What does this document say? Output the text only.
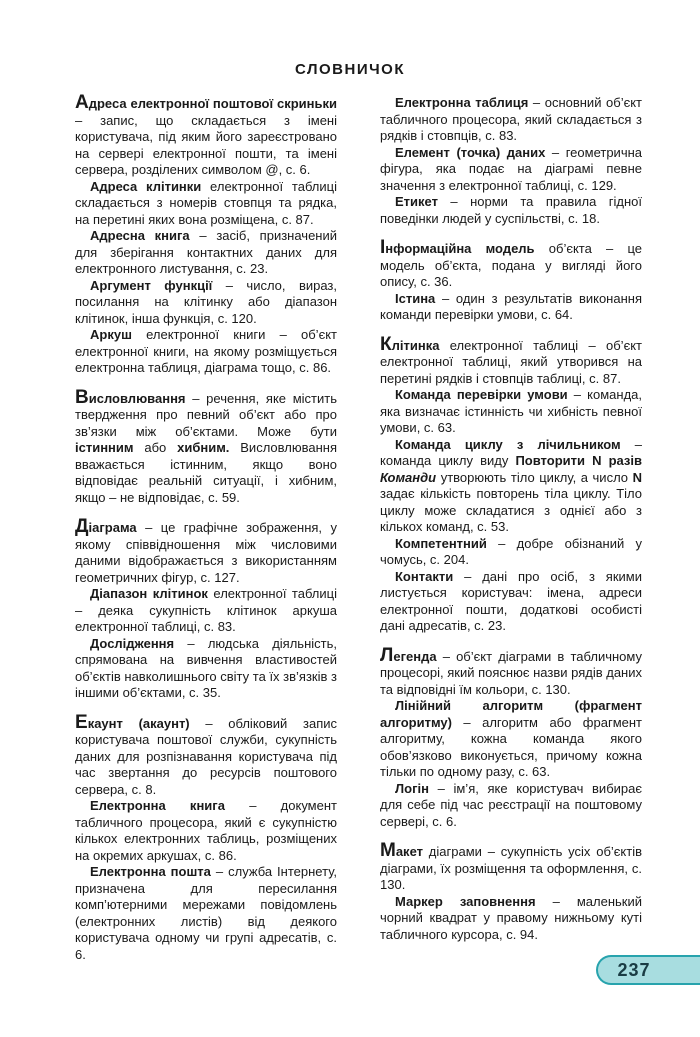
СЛОВНИЧОК

Адреса електронної поштової скриньки – запис, що складається з імені користувача, під яким його зареєстровано на сервері електронної пошти, та імені сервера, розділених символом @, с. 6.

Адреса клітинки електронної таблиці складається з номерів стовпця та рядка, на перетині яких вона розміщена, с. 87.

Адресна книга – засіб, призначений для зберігання контактних даних для електронного листування, с. 23.

Аргумент функції – число, вираз, посилання на клітинку або діапазон клітинок, інша функція, с. 120.

Аркуш електронної книги – об’єкт електронної книги, на якому розміщується електронна таблиця, діаграма тощо, с. 86.

Висловлювання – речення, яке містить твердження про певний об’єкт або про зв’язки між об’єктами. Може бути істинним або хибним. Висловлювання вважається істинним, якщо воно відповідає реальній ситуації, і хибним, якщо – не відповідає, с. 59.

Діаграма – це графічне зображення, у якому співвідношення між числовими даними відображається з використанням геометричних фігур, с. 127.

Діапазон клітинок електронної таблиці – деяка сукупність клітинок аркуша електронної таблиці, с. 83.

Дослідження – людська діяльність, спрямована на вивчення властивостей об’єктів навколишнього світу та їх зв’язків з іншими об’єктами, с. 35.

Екаунт (акаунт) – обліковий запис користувача поштової служби, сукупність даних для розпізнавання користувача під час звертання до ресурсів поштового сервера, с. 8.

Електронна книга – документ табличного процесора, який є сукупністю кількох електронних таблиць, розміщених на окремих аркушах, с. 86.

Електронна пошта – служба Інтернету, призначена для пересилання комп’ютерними мережами повідомлень (електронних листів) від деякого користувача одному чи групі адресатів, с. 6.

Електронна таблиця – основний об’єкт табличного процесора, який складається з рядків і стовпців, с. 83.

Елемент (точка) даних – геометрична фігура, яка подає на діаграмі певне значення з електронної таблиці, с. 129.

Етикет – норми та правила гідної поведінки людей у суспільстві, с. 18.

Інформаційна модель об’єкта – це модель об’єкта, подана у вигляді його опису, с. 36.

Істина – один з результатів виконання команди перевірки умови, с. 64.

Клітинка електронної таблиці – об’єкт електронної таблиці, який утворився на перетині рядків і стовпців таблиці, с. 87.

Команда перевірки умови – команда, яка визначає істинність чи хибність певної умови, с. 63.

Команда циклу з лічильником – команда циклу виду Повторити N разів Команди утворюють тіло циклу, а число N задає кількість повторень тіла циклу. Тіло циклу може складатися з однієї або з кількох команд, с. 53.

Компетентний – добре обізнаний у чомусь, с. 204.

Контакти – дані про осіб, з якими листується користувач: імена, адреси електронної пошти, додаткові особисті дані адресатів, с. 23.

Легенда – об’єкт діаграми в табличному процесорі, який пояснює назви рядів даних та відповідні їм кольори, с. 130.

Лінійний алгоритм (фрагмент алгоритму) – алгоритм або фрагмент алгоритму, кожна команда якого обов’язково виконується, причому кожна тільки по одному разу, с. 63.

Логін – ім’я, яке користувач вибирає для себе під час реєстрації на поштовому сервері, с. 6.

Макет діаграми – сукупність усіх об’єктів діаграми, їх розміщення та оформлення, с. 130.

Маркер заповнення – маленький чорний квадрат у правому нижньому куті табличного курсора, с. 94.

237
